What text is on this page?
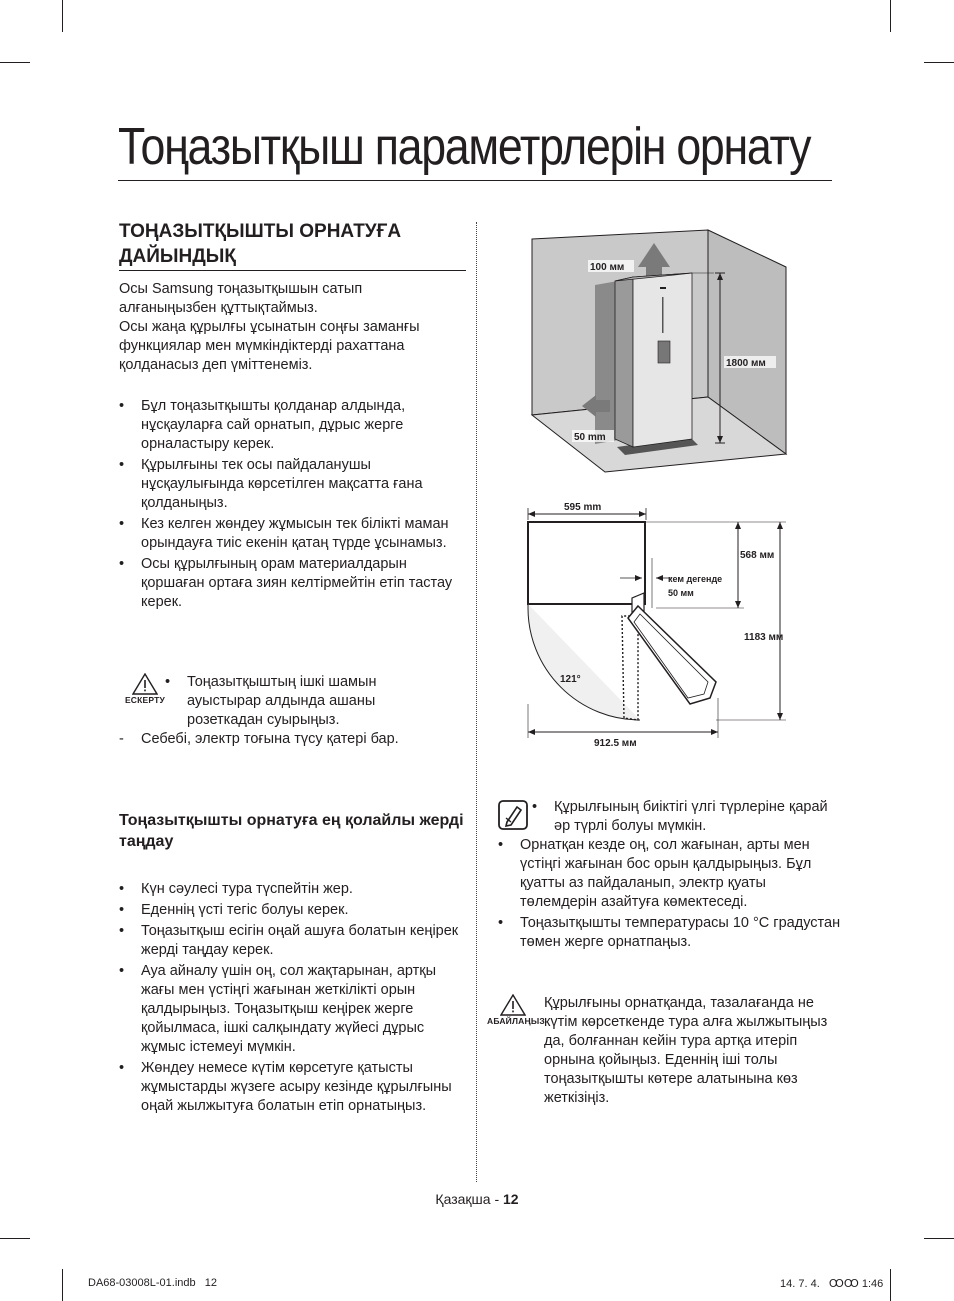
Тоңазытқыш параметрлерін орнату
ТОҢАЗЫТҚЫШТЫ ОРНАТУҒА ДАЙЫНДЫҚ

Осы Samsung тоңазытқышын сатып алғаныңызбен құттықтаймыз.

Осы жаңа құрылғы ұсынатын соңғы заманғы функциялар мен мүмкіндіктерді рахаттана қолданасыз деп үміттенеміз.

• Бұл тоңазытқышты қолданар алдында, нұсқауларға сай орнатып, дұрыс жерге орналастыру керек.
• Құрылғыны тек осы пайдаланушы нұсқаулығында көрсетілген мақсатта ғана қолданыңыз.
• Кез келген жөндеу жұмысын тек білікті маман орындауға тиіс екенін қатаң түрде ұсынамыз.
• Осы құрылғының орам материалдарын қоршаған ортаға зиян келтірмейтін етіп тастау керек.
ЕСКЕРТУ
• Тоңазытқыштың ішкі шамын ауыстырар алдында ашаны розеткадан суырыңыз.
- Себебі, электр тоғына түсу қатері бар.
Тоңазытқышты орнатуға ең қолайлы жерді таңдау
• Күн сәулесі тура түспейтін жер.
• Еденнің үсті тегіс болуы керек.
• Тоңазытқыш есігін оңай ашуға болатын кеңірек жерді таңдау керек.
• Ауа айналу үшін оң, сол жақтарынан, артқы жағы мен үстіңгі жағынан жеткілікті орын қалдырыңыз. Тоңазытқыш кеңірек жерге қойылмаса, ішкі салқындату жүйесі дұрыс жұмыс істемеуі мүмкін.
• Жөндеу немесе күтім көрсетуге қатысты жұмыстарды жүзеге асыру кезінде құрылғыны оңай жылжытуға болатын етіп орнатыңыз.
100 мм
1800 мм
50 mm
595 mm
кем дегенде
50 мм
568 мм
1183 мм
121°
912.5 мм
• Құрылғының биіктігі үлгі түрлеріне қарай әр түрлі болуы мүмкін.
• Орнатқан кезде оң, сол жағынан, арты мен үстіңгі жағынан бос орын қалдырыңыз. Бұл қуатты аз пайдаланып, электр қуаты төлемдерін азайтуға көмектеседі.
• Тоңазытқышты температурасы 10 °C градустан төмен жерге орнатпаңыз.
АБАЙЛАҢЫЗ
Құрылғыны орнатқанда, тазалағанда не күтім көрсеткенде тура алға жылжытыңыз да, болғаннан кейін тура артқа итеріп орнына қойыңыз. Еденнің іші толы тоңазытқышты көтере алатынына көз жеткізіңіз.
Қазақша - 12
DA68-03008L-01.indb   12	14. 7. 4.   ꝎꝎ 1:46
